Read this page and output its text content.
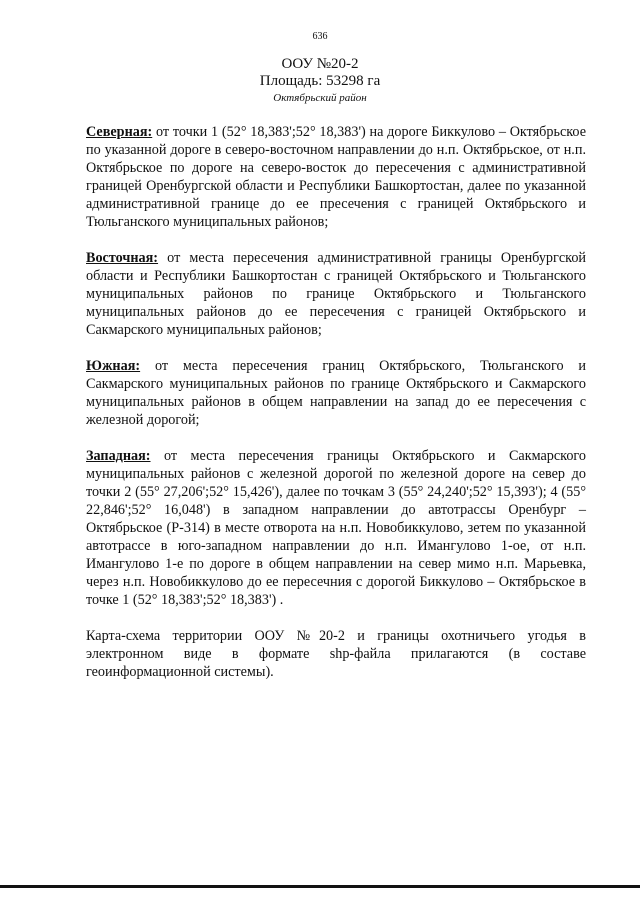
636
ООУ №20-2
Площадь: 53298 га
Октябрьский район

Северная: от точки 1 (52° 18,383';52° 18,383') на дороге Биккулово – Октябрьское по указанной дороге в северо-восточном направлении до н.п. Октябрьское, от н.п. Октябрьское по дороге на северо-восток до пересечения с административной границей Оренбургской области и Республики Башкортостан, далее по указанной административной границе до ее пресечения с границей Октябрьского и Тюльганского муниципальных районов;

Восточная: от места пересечения административной границы Оренбургской области и Республики Башкортостан с границей Октябрьского и Тюльганского муниципальных районов по границе Октябрьского и Тюльганского муниципальных районов до ее пересечения с границей Октябрьского и Сакмарского муниципальных районов;

Южная: от места пересечения границ Октябрьского, Тюльганского и Сакмарского муниципальных районов по границе Октябрьского и Сакмарского муниципальных районов в общем направлении на запад до ее пересечения с железной дорогой;

Западная: от места пересечения границы Октябрьского и Сакмарского муниципальных районов с железной дорогой по железной дороге на север до точки 2 (55° 27,206';52° 15,426'), далее по точкам 3 (55° 24,240';52° 15,393'); 4 (55° 22,846';52° 16,048') в западном направлении до автотрассы Оренбург – Октябрьское (Р-314) в месте отворота на н.п. Новобиккулово, зетем по указанной автотрассе в юго-западном направлении до н.п. Имангулово 1-ое, от н.п. Имангулово 1-е по дороге в общем направлении на север мимо н.п. Марьевка, через н.п. Новобиккулово до ее пересечния с дорогой Биккулово – Октябрьское в точке 1 (52° 18,383';52° 18,383') .

Карта-схема территории ООУ №20-2 и границы охотничьего угодья в электронном виде в формате shp-файла прилагаются (в составе геоинформационной системы).
